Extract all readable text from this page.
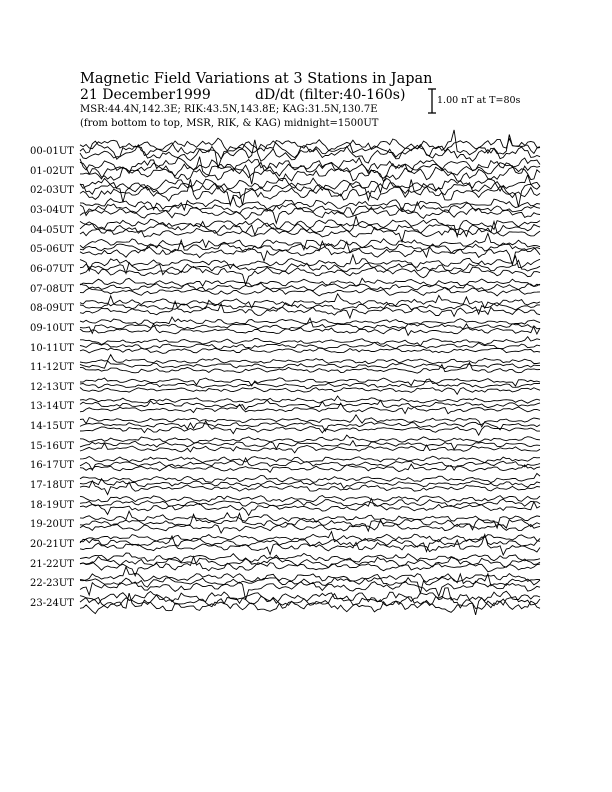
Magnetic Field Variations at 3 Stations in Japan
21 December1999	dD/dt (filter:40-160s)
MSR:44.4N,142.3E; RIK:43.5N,143.8E; KAG:31.5N,130.7E
(from bottom to top, MSR, RIK, & KAG) midnight=1500UT
1.00 nT at T=80s
00-01UT
01-02UT
02-03UT
03-04UT
04-05UT
05-06UT
06-07UT
07-08UT
08-09UT
09-10UT
10-11UT
11-12UT
12-13UT
13-14UT
14-15UT
15-16UT
16-17UT
17-18UT
18-19UT
19-20UT
20-21UT
21-22UT
22-23UT
23-24UT
